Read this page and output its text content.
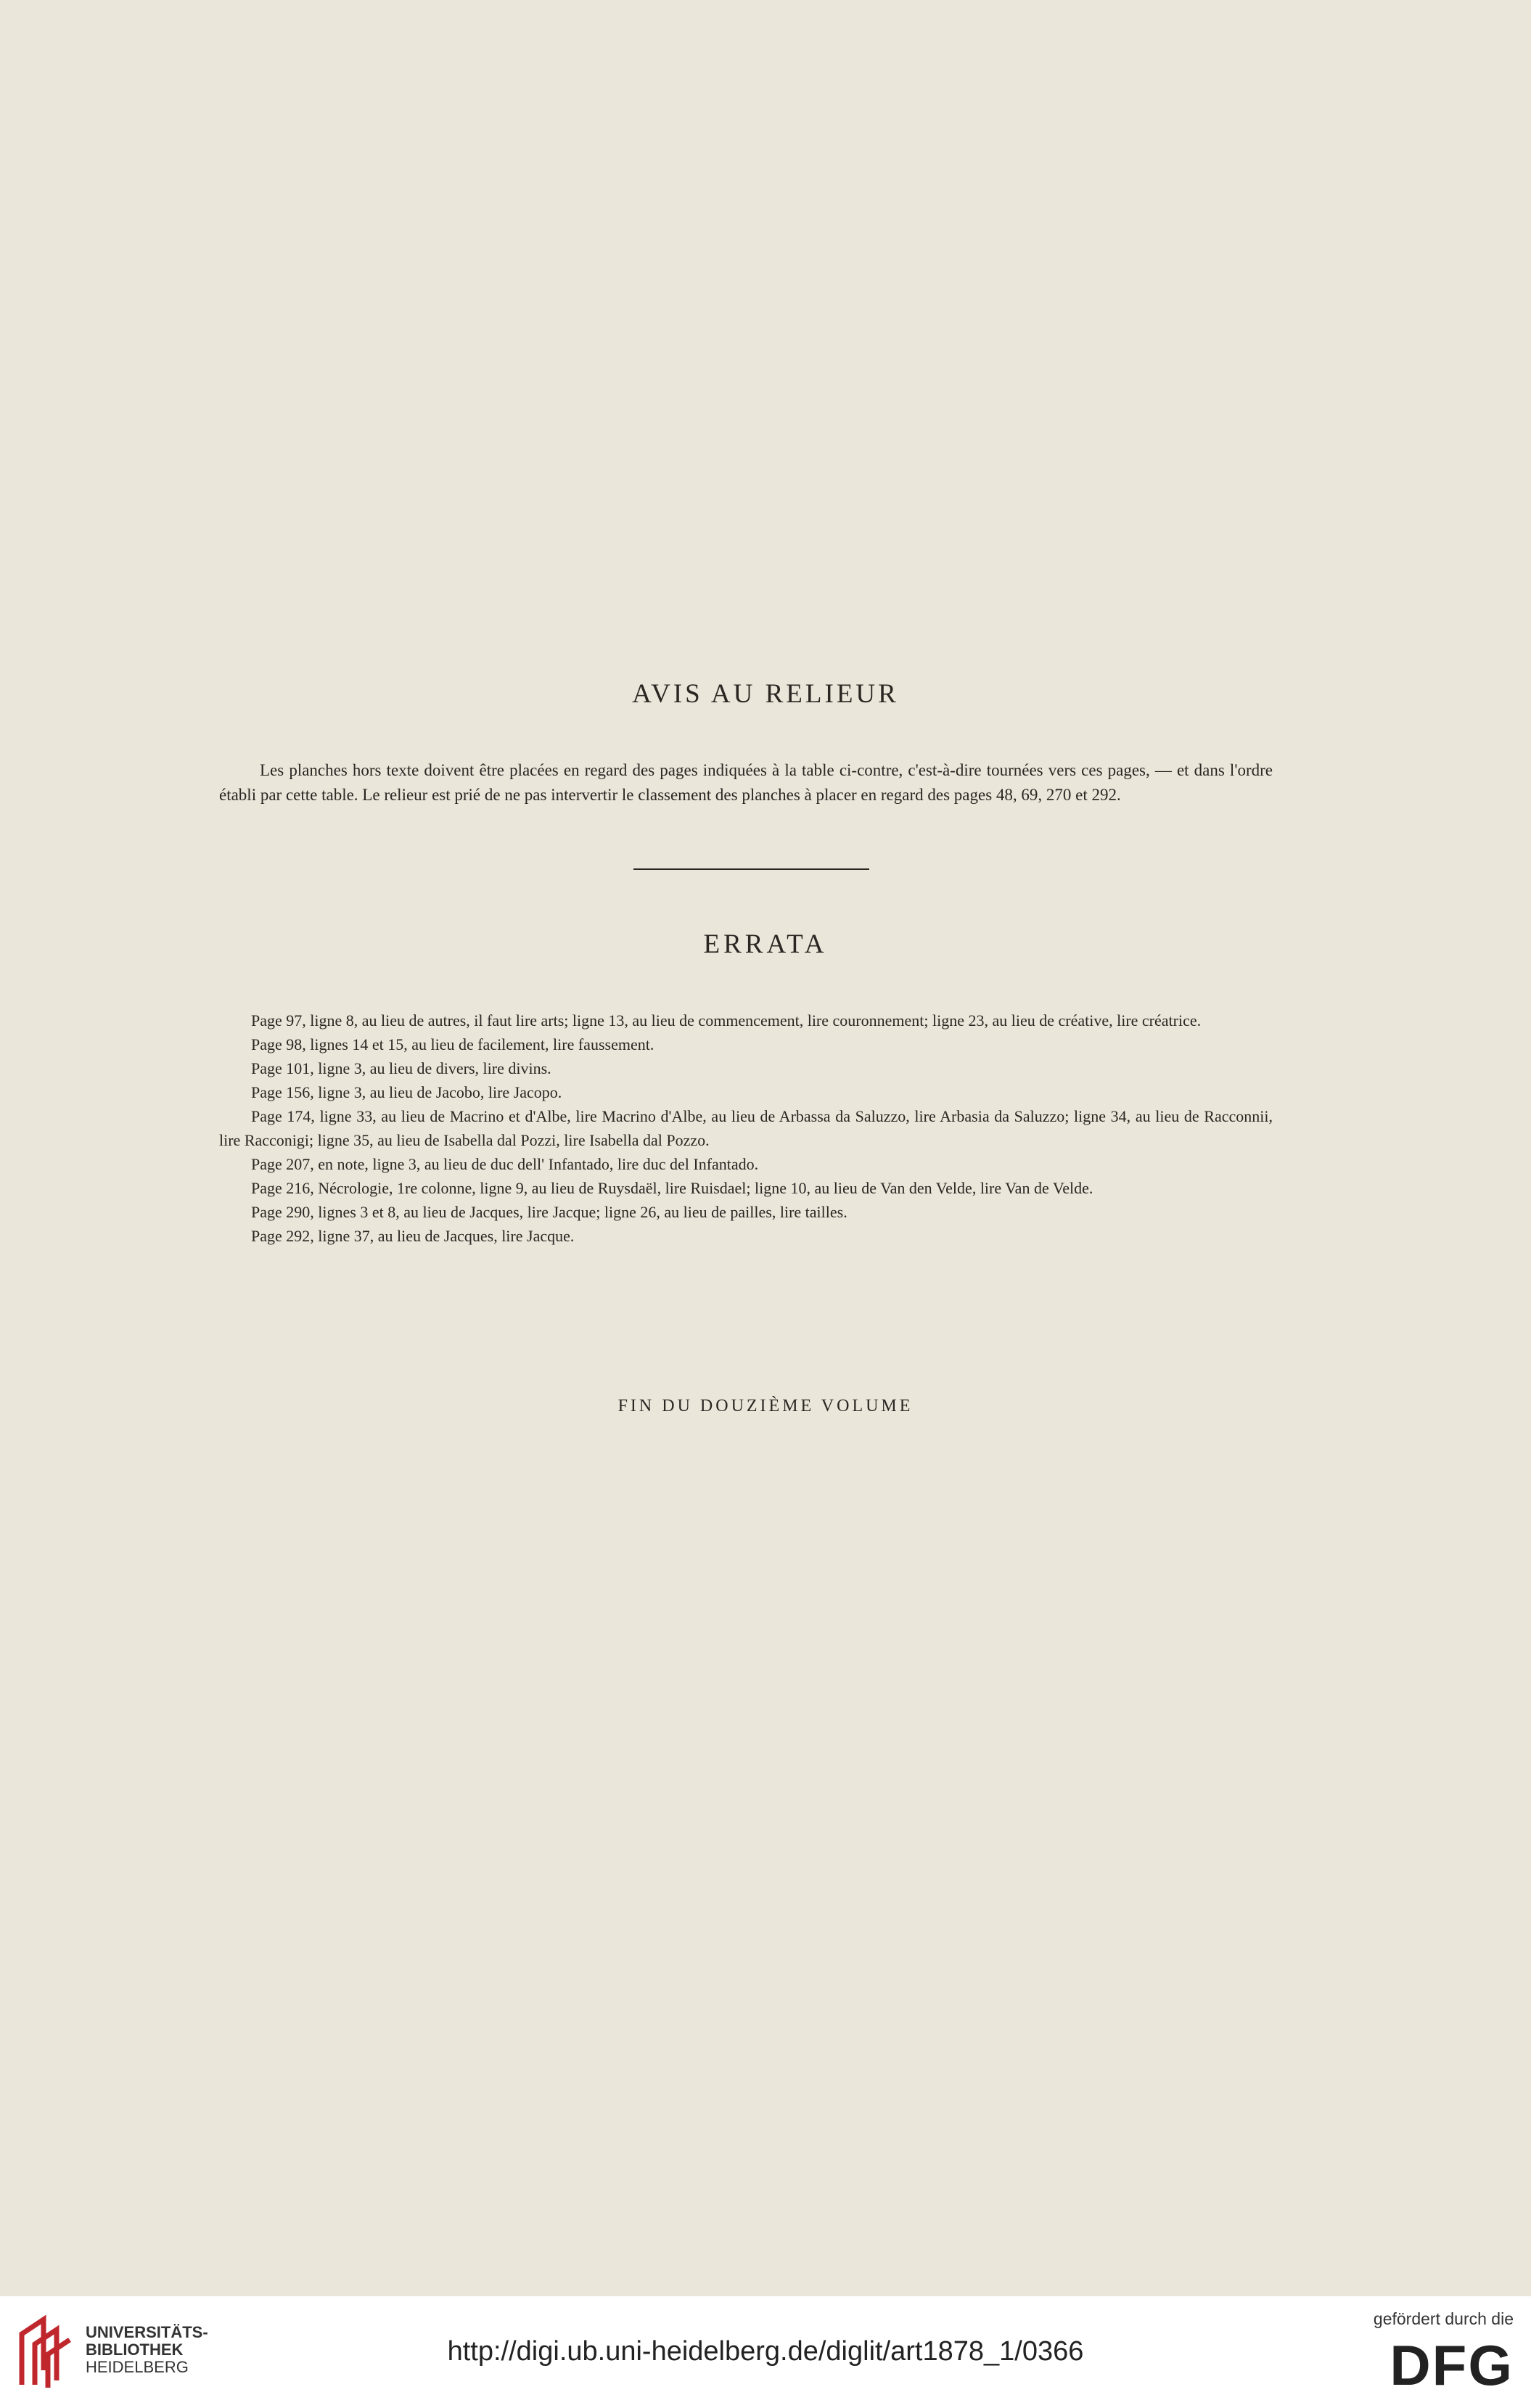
AVIS AU RELIEUR

Les planches hors texte doivent être placées en regard des pages indiquées à la table ci-contre, c'est-à-dire tournées vers ces pages, — et dans l'ordre établi par cette table. Le relieur est prié de ne pas intervertir le classement des planches à placer en regard des pages 48, 69, 270 et 292.

ERRATA

Page 97, ligne 8, au lieu de autres, il faut lire arts; ligne 13, au lieu de commencement, lire couronnement; ligne 23, au lieu de créative, lire créatrice.

Page 98, lignes 14 et 15, au lieu de facilement, lire faussement.

Page 101, ligne 3, au lieu de divers, lire divins.

Page 156, ligne 3, au lieu de Jacobo, lire Jacopo.

Page 174, ligne 33, au lieu de Macrino et d'Albe, lire Macrino d'Albe, au lieu de Arbassa da Saluzzo, lire Arbasia da Saluzzo; ligne 34, au lieu de Racconnii, lire Racconigi; ligne 35, au lieu de Isabella dal Pozzi, lire Isabella dal Pozzo.

Page 207, en note, ligne 3, au lieu de duc dell' Infantado, lire duc del Infantado.

Page 216, Nécrologie, 1re colonne, ligne 9, au lieu de Ruysdaël, lire Ruisdael; ligne 10, au lieu de Van den Velde, lire Van de Velde.

Page 290, lignes 3 et 8, au lieu de Jacques, lire Jacque; ligne 26, au lieu de pailles, lire tailles.

Page 292, ligne 37, au lieu de Jacques, lire Jacque.

FIN DU DOUZIÈME VOLUME
UNIVERSITÄTS-
BIBLIOTHEK
HEIDELBERG
http://digi.ub.uni-heidelberg.de/diglit/art1878_1/0366
gefördert durch die
DFG
